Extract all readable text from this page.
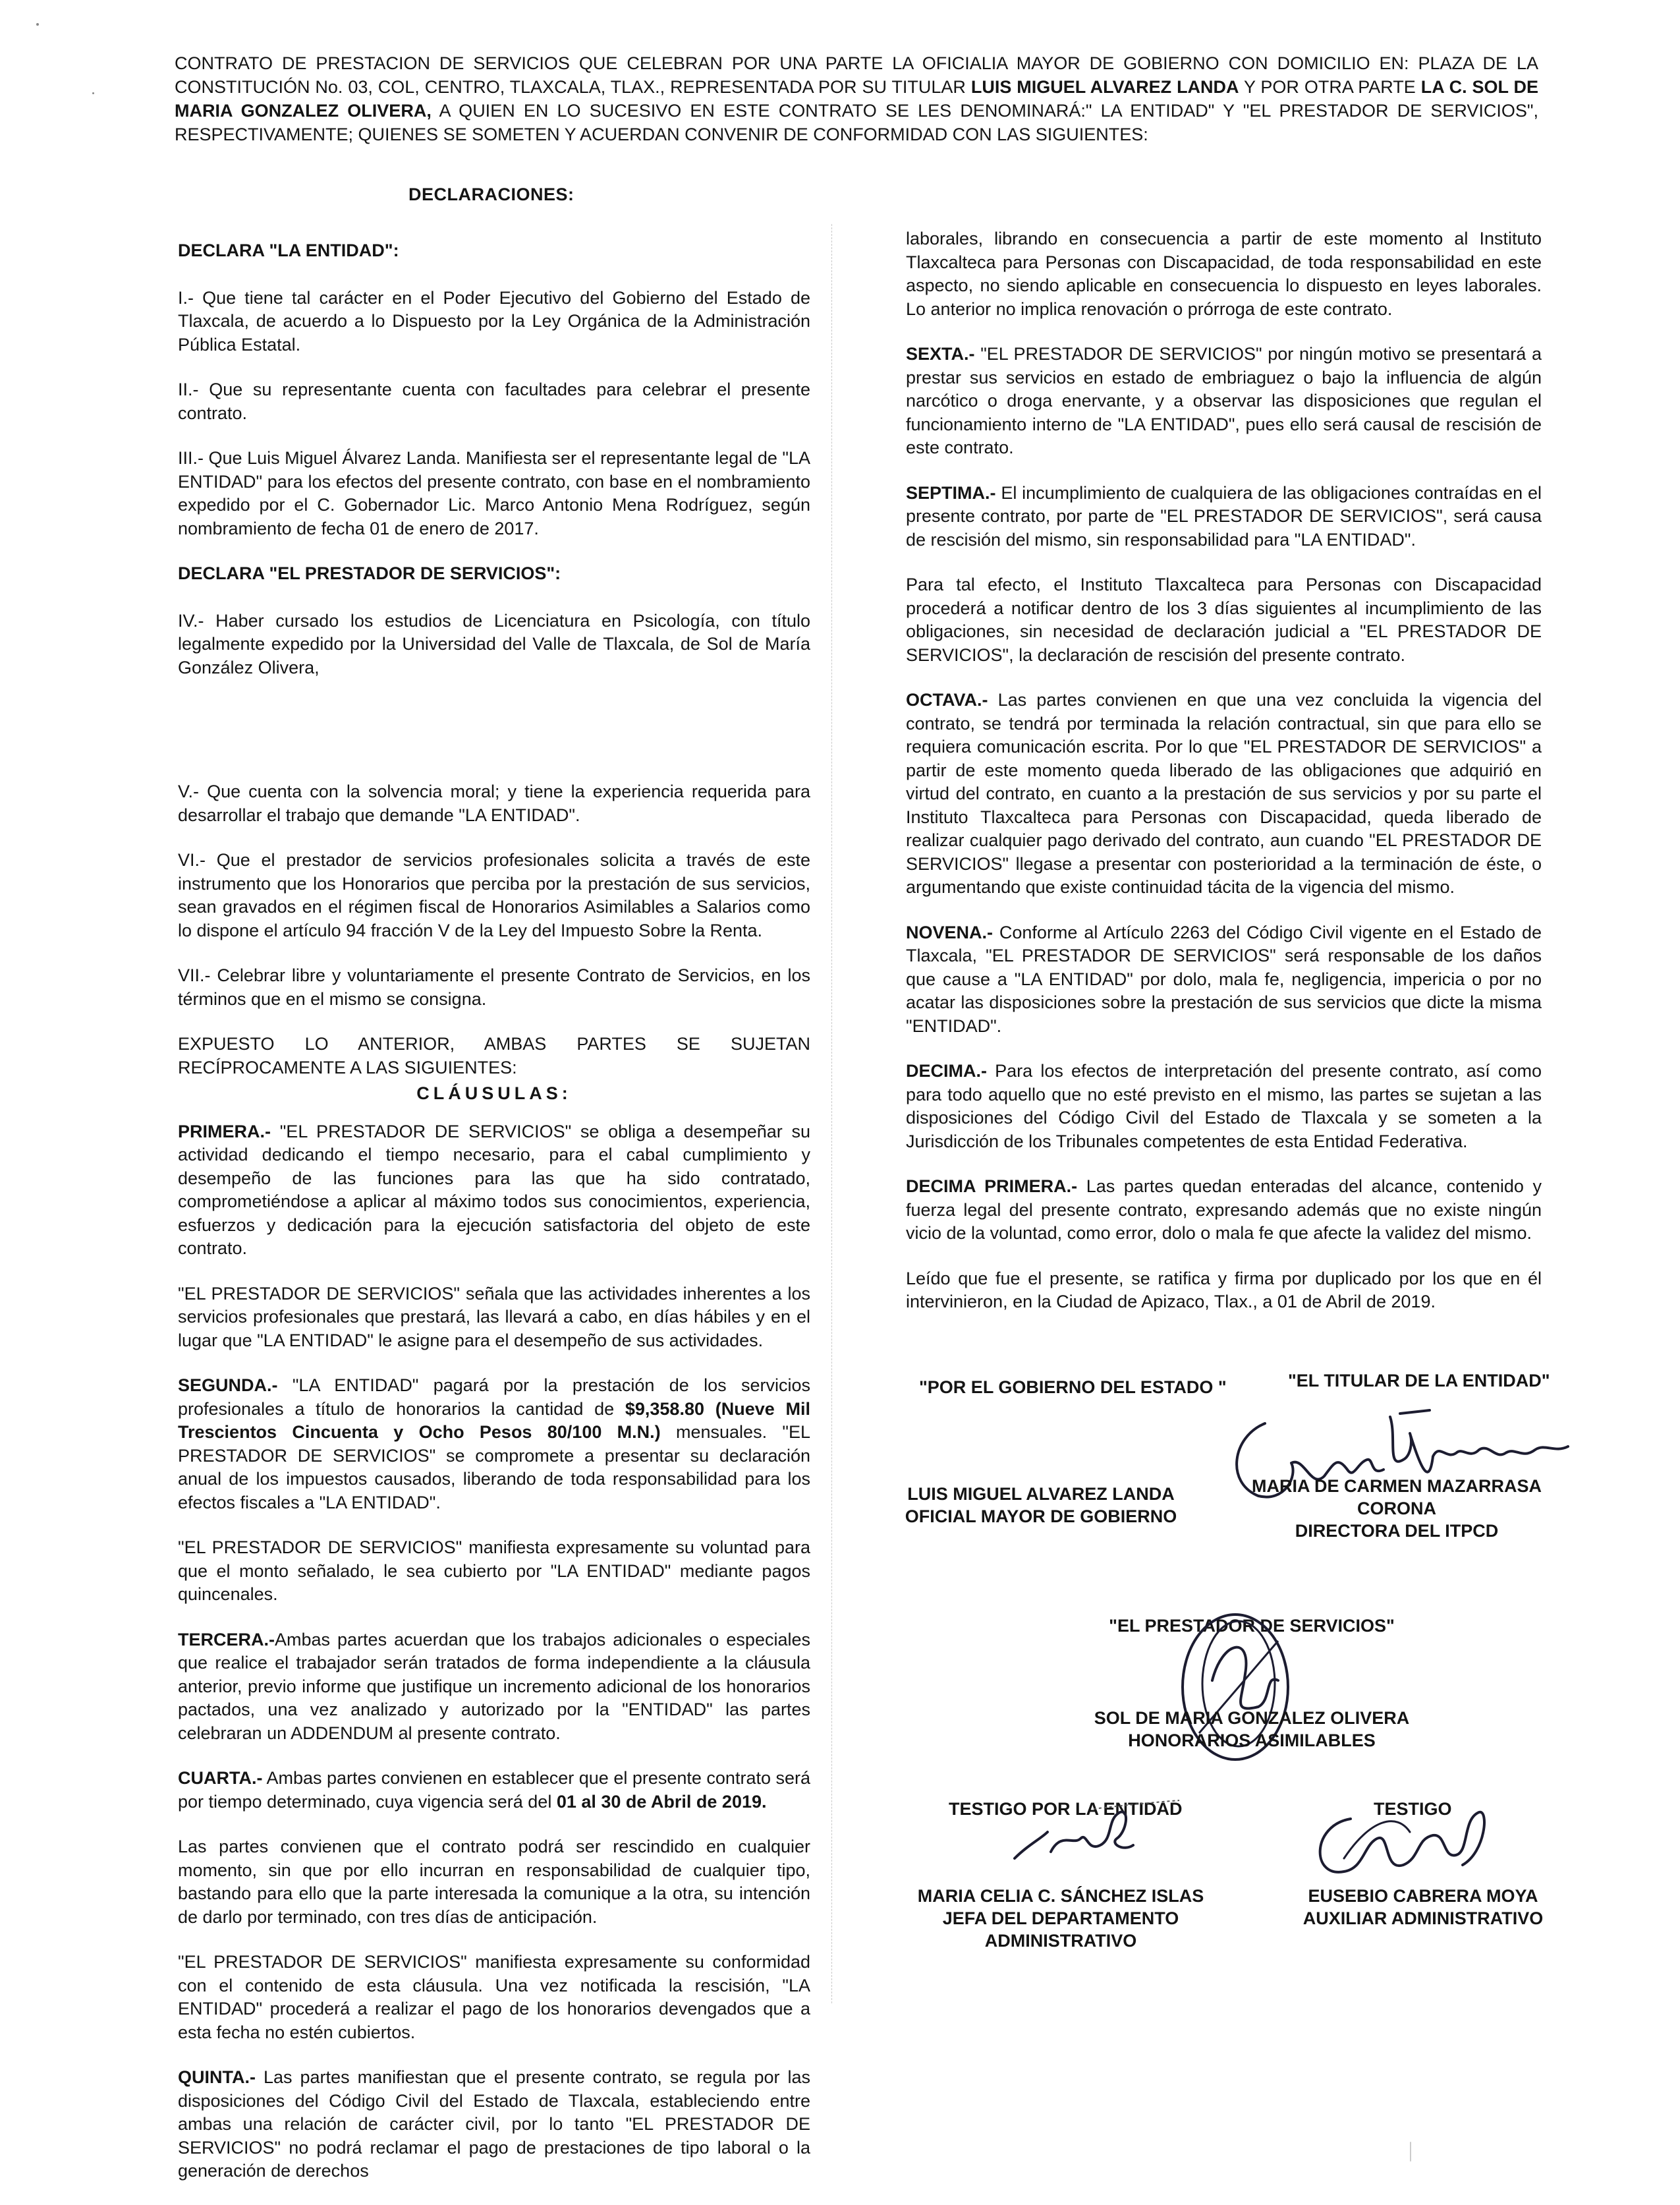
CONTRATO DE PRESTACION DE SERVICIOS QUE CELEBRAN POR UNA PARTE LA OFICIALIA MAYOR DE GOBIERNO CON DOMICILIO EN: PLAZA DE LA CONSTITUCIÓN No. 03, COL, CENTRO, TLAXCALA, TLAX., REPRESENTADA POR SU TITULAR LUIS MIGUEL ALVAREZ LANDA Y POR OTRA PARTE LA C. SOL DE MARIA GONZALEZ OLIVERA, A QUIEN EN LO SUCESIVO EN ESTE CONTRATO SE LES DENOMINARÁ:" LA ENTIDAD" Y "EL PRESTADOR DE SERVICIOS", RESPECTIVAMENTE; QUIENES SE SOMETEN Y ACUERDAN CONVENIR DE CONFORMIDAD CON LAS SIGUIENTES:
DECLARACIONES:

DECLARA "LA ENTIDAD":

I.- Que tiene tal carácter en el Poder Ejecutivo del Gobierno del Estado de Tlaxcala, de acuerdo a lo Dispuesto por la Ley Orgánica de la Administración Pública Estatal.

II.- Que su representante cuenta con facultades para celebrar el presente contrato.

III.- Que Luis Miguel Álvarez Landa. Manifiesta ser el representante legal de "LA ENTIDAD" para los efectos del presente contrato, con base en el nombramiento expedido por el C. Gobernador Lic. Marco Antonio Mena Rodríguez, según nombramiento de fecha 01 de enero de 2017.

DECLARA "EL PRESTADOR DE SERVICIOS":

IV.- Haber cursado los estudios de Licenciatura en Psicología, con título legalmente expedido por la Universidad del Valle de Tlaxcala, de Sol de María González Olivera,

V.- Que cuenta con la solvencia moral; y tiene la experiencia requerida para desarrollar el trabajo que demande "LA ENTIDAD".

VI.- Que el prestador de servicios profesionales solicita a través de este instrumento que los Honorarios que perciba por la prestación de sus servicios, sean gravados en el régimen fiscal de Honorarios Asimilables a Salarios como lo dispone el artículo 94 fracción V de la Ley del Impuesto Sobre la Renta.

VII.- Celebrar libre y voluntariamente el presente Contrato de Servicios, en los términos que en el mismo se consigna.

EXPUESTO LO ANTERIOR, AMBAS PARTES SE SUJETAN RECÍPROCAMENTE A LAS SIGUIENTES:

CLÁUSULAS:

PRIMERA.- "EL PRESTADOR DE SERVICIOS" se obliga a desempeñar su actividad dedicando el tiempo necesario, para el cabal cumplimiento y desempeño de las funciones para las que ha sido contratado, comprometiéndose a aplicar al máximo todos sus conocimientos, experiencia, esfuerzos y dedicación para la ejecución satisfactoria del objeto de este contrato.

"EL PRESTADOR DE SERVICIOS" señala que las actividades inherentes a los servicios profesionales que prestará, las llevará a cabo, en días hábiles y en el lugar que "LA ENTIDAD" le asigne para el desempeño de sus actividades.

SEGUNDA.- "LA ENTIDAD" pagará por la prestación de los servicios profesionales a título de honorarios la cantidad de $9,358.80 (Nueve Mil Trescientos Cincuenta y Ocho Pesos 80/100 M.N.) mensuales. "EL PRESTADOR DE SERVICIOS" se compromete a presentar su declaración anual de los impuestos causados, liberando de toda responsabilidad para los efectos fiscales a "LA ENTIDAD".

"EL PRESTADOR DE SERVICIOS" manifiesta expresamente su voluntad para que el monto señalado, le sea cubierto por "LA ENTIDAD" mediante pagos quincenales.

TERCERA.-Ambas partes acuerdan que los trabajos adicionales o especiales que realice el trabajador serán tratados de forma independiente a la cláusula anterior, previo informe que justifique un incremento adicional de los honorarios pactados, una vez analizado y autorizado por la "ENTIDAD" las partes celebraran un ADDENDUM al presente contrato.

CUARTA.- Ambas partes convienen en establecer que el presente contrato será por tiempo determinado, cuya vigencia será del 01 al 30 de Abril de 2019.

Las partes convienen que el contrato podrá ser rescindido en cualquier momento, sin que por ello incurran en responsabilidad de cualquier tipo, bastando para ello que la parte interesada la comunique a la otra, su intención de darlo por terminado, con tres días de anticipación.

"EL PRESTADOR DE SERVICIOS" manifiesta expresamente su conformidad con el contenido de esta cláusula. Una vez notificada la rescisión, "LA ENTIDAD" procederá a realizar el pago de los honorarios devengados que a esta fecha no estén cubiertos.

QUINTA.- Las partes manifiestan que el presente contrato, se regula por las disposiciones del Código Civil del Estado de Tlaxcala, estableciendo entre ambas una relación de carácter civil, por lo tanto "EL PRESTADOR DE SERVICIOS" no podrá reclamar el pago de prestaciones de tipo laboral o la generación de derechos

laborales, librando en consecuencia a partir de este momento al Instituto Tlaxcalteca para Personas con Discapacidad, de toda responsabilidad en este aspecto, no siendo aplicable en consecuencia lo dispuesto en leyes laborales. Lo anterior no implica renovación o prórroga de este contrato.

SEXTA.- "EL PRESTADOR DE SERVICIOS" por ningún motivo se presentará a prestar sus servicios en estado de embriaguez o bajo la influencia de algún narcótico o droga enervante, y a observar las disposiciones que regulan el funcionamiento interno de "LA ENTIDAD", pues ello será causal de rescisión de este contrato.

SEPTIMA.- El incumplimiento de cualquiera de las obligaciones contraídas en el presente contrato, por parte de "EL PRESTADOR DE SERVICIOS", será causa de rescisión del mismo, sin responsabilidad para "LA ENTIDAD".

Para tal efecto, el Instituto Tlaxcalteca para Personas con Discapacidad procederá a notificar dentro de los 3 días siguientes al incumplimiento de las obligaciones, sin necesidad de declaración judicial a "EL PRESTADOR DE SERVICIOS", la declaración de rescisión del presente contrato.

OCTAVA.- Las partes convienen en que una vez concluida la vigencia del contrato, se tendrá por terminada la relación contractual, sin que para ello se requiera comunicación escrita. Por lo que "EL PRESTADOR DE SERVICIOS" a partir de este momento queda liberado de las obligaciones que adquirió en virtud del contrato, en cuanto a la prestación de sus servicios y por su parte el Instituto Tlaxcalteca para Personas con Discapacidad, queda liberado de realizar cualquier pago derivado del contrato, aun cuando "EL PRESTADOR DE SERVICIOS" llegase a presentar con posterioridad a la terminación de éste, o argumentando que existe continuidad tácita de la vigencia del mismo.

NOVENA.- Conforme al Artículo 2263 del Código Civil vigente en el Estado de Tlaxcala, "EL PRESTADOR DE SERVICIOS" será responsable de los daños que cause a "LA ENTIDAD" por dolo, mala fe, negligencia, impericia o por no acatar las disposiciones sobre la prestación de sus servicios que dicte la misma "ENTIDAD".

DECIMA.- Para los efectos de interpretación del presente contrato, así como para todo aquello que no esté previsto en el mismo, las partes se sujetan a las disposiciones del Código Civil del Estado de Tlaxcala y se someten a la Jurisdicción de los Tribunales competentes de esta Entidad Federativa.

DECIMA PRIMERA.- Las partes quedan enteradas del alcance, contenido y fuerza legal del presente contrato, expresando además que no existe ningún vicio de la voluntad, como error, dolo o mala fe que afecte la validez del mismo.

Leído que fue el presente, se ratifica y firma por duplicado por los que en él intervinieron, en la Ciudad de Apizaco, Tlax., a 01 de Abril de 2019.

"POR EL GOBIERNO DEL ESTADO "	"EL TITULAR DE LA ENTIDAD"
LUIS MIGUEL ALVAREZ LANDA
OFICIAL MAYOR DE GOBIERNO
MARIA DE CARMEN MAZARRASA
CORONA
DIRECTORA DEL ITPCD
"EL PRESTADOR DE SERVICIOS"
SOL DE MARIA GONZALEZ OLIVERA
HONORARIOS ASIMILABLES
TESTIGO POR LA ENTIDAD	TESTIGO
MARIA CELIA C. SÁNCHEZ ISLAS
JEFA DEL DEPARTAMENTO
ADMINISTRATIVO
EUSEBIO CABRERA MOYA
AUXILIAR ADMINISTRATIVO
